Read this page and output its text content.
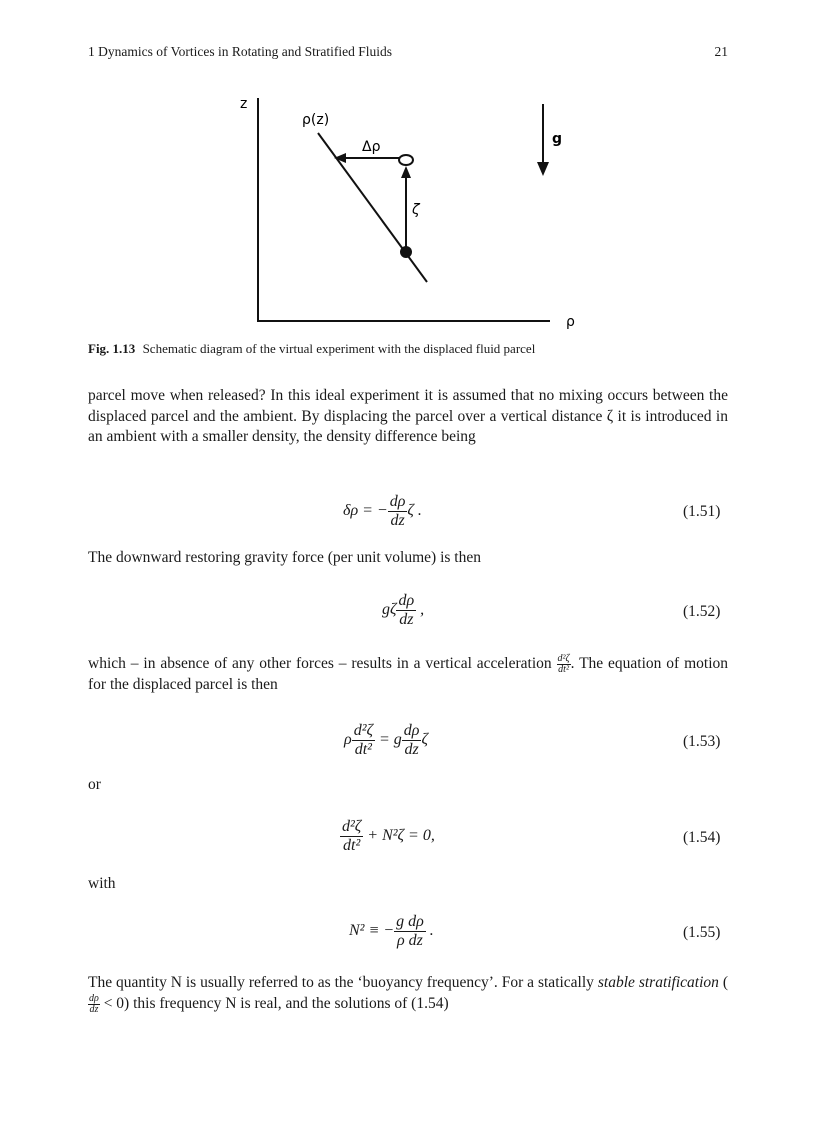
1 Dynamics of Vortices in Rotating and Stratified Fluids	21
z
ρ
ρ(z)
Δρ
ζ
g
Fig. 1.13 Schematic diagram of the virtual experiment with the displaced fluid parcel
parcel move when released? In this ideal experiment it is assumed that no mixing occurs between the displaced parcel and the ambient. By displacing the parcel over a vertical distance ζ it is introduced in an ambient with a smaller density, the density difference being
δρ = − $\frac{d\rho}{dz}$ ζ .	(1.51)
The downward restoring gravity force (per unit volume) is then
gζ $\frac{d\rho}{dz}$ ,	(1.52)
which – in absence of any other forces – results in a vertical acceleration $\frac{\text{d²ζ}}{\text{dt²}}$ . The equation of motion for the displaced parcel is then
ρ $\frac{\text{d²ζ}}{\text{dt²}} = g \frac{d\rho}{dz}$ ζ	(1.53)
or
$\frac{\text{d²ζ}}{\text{dt²}} + N^2\zeta = 0$,	(1.54)
with
N² ≡ − $\frac{\text{g dρ}}{\text{ρ dz}}$ .	(1.55)
The quantity N is usually referred to as the ‘buoyancy frequency’. For a statically stable stratification (
$\frac{d\rho}{dz} < 0$) this frequency N is real, and the solutions of (1.54)
